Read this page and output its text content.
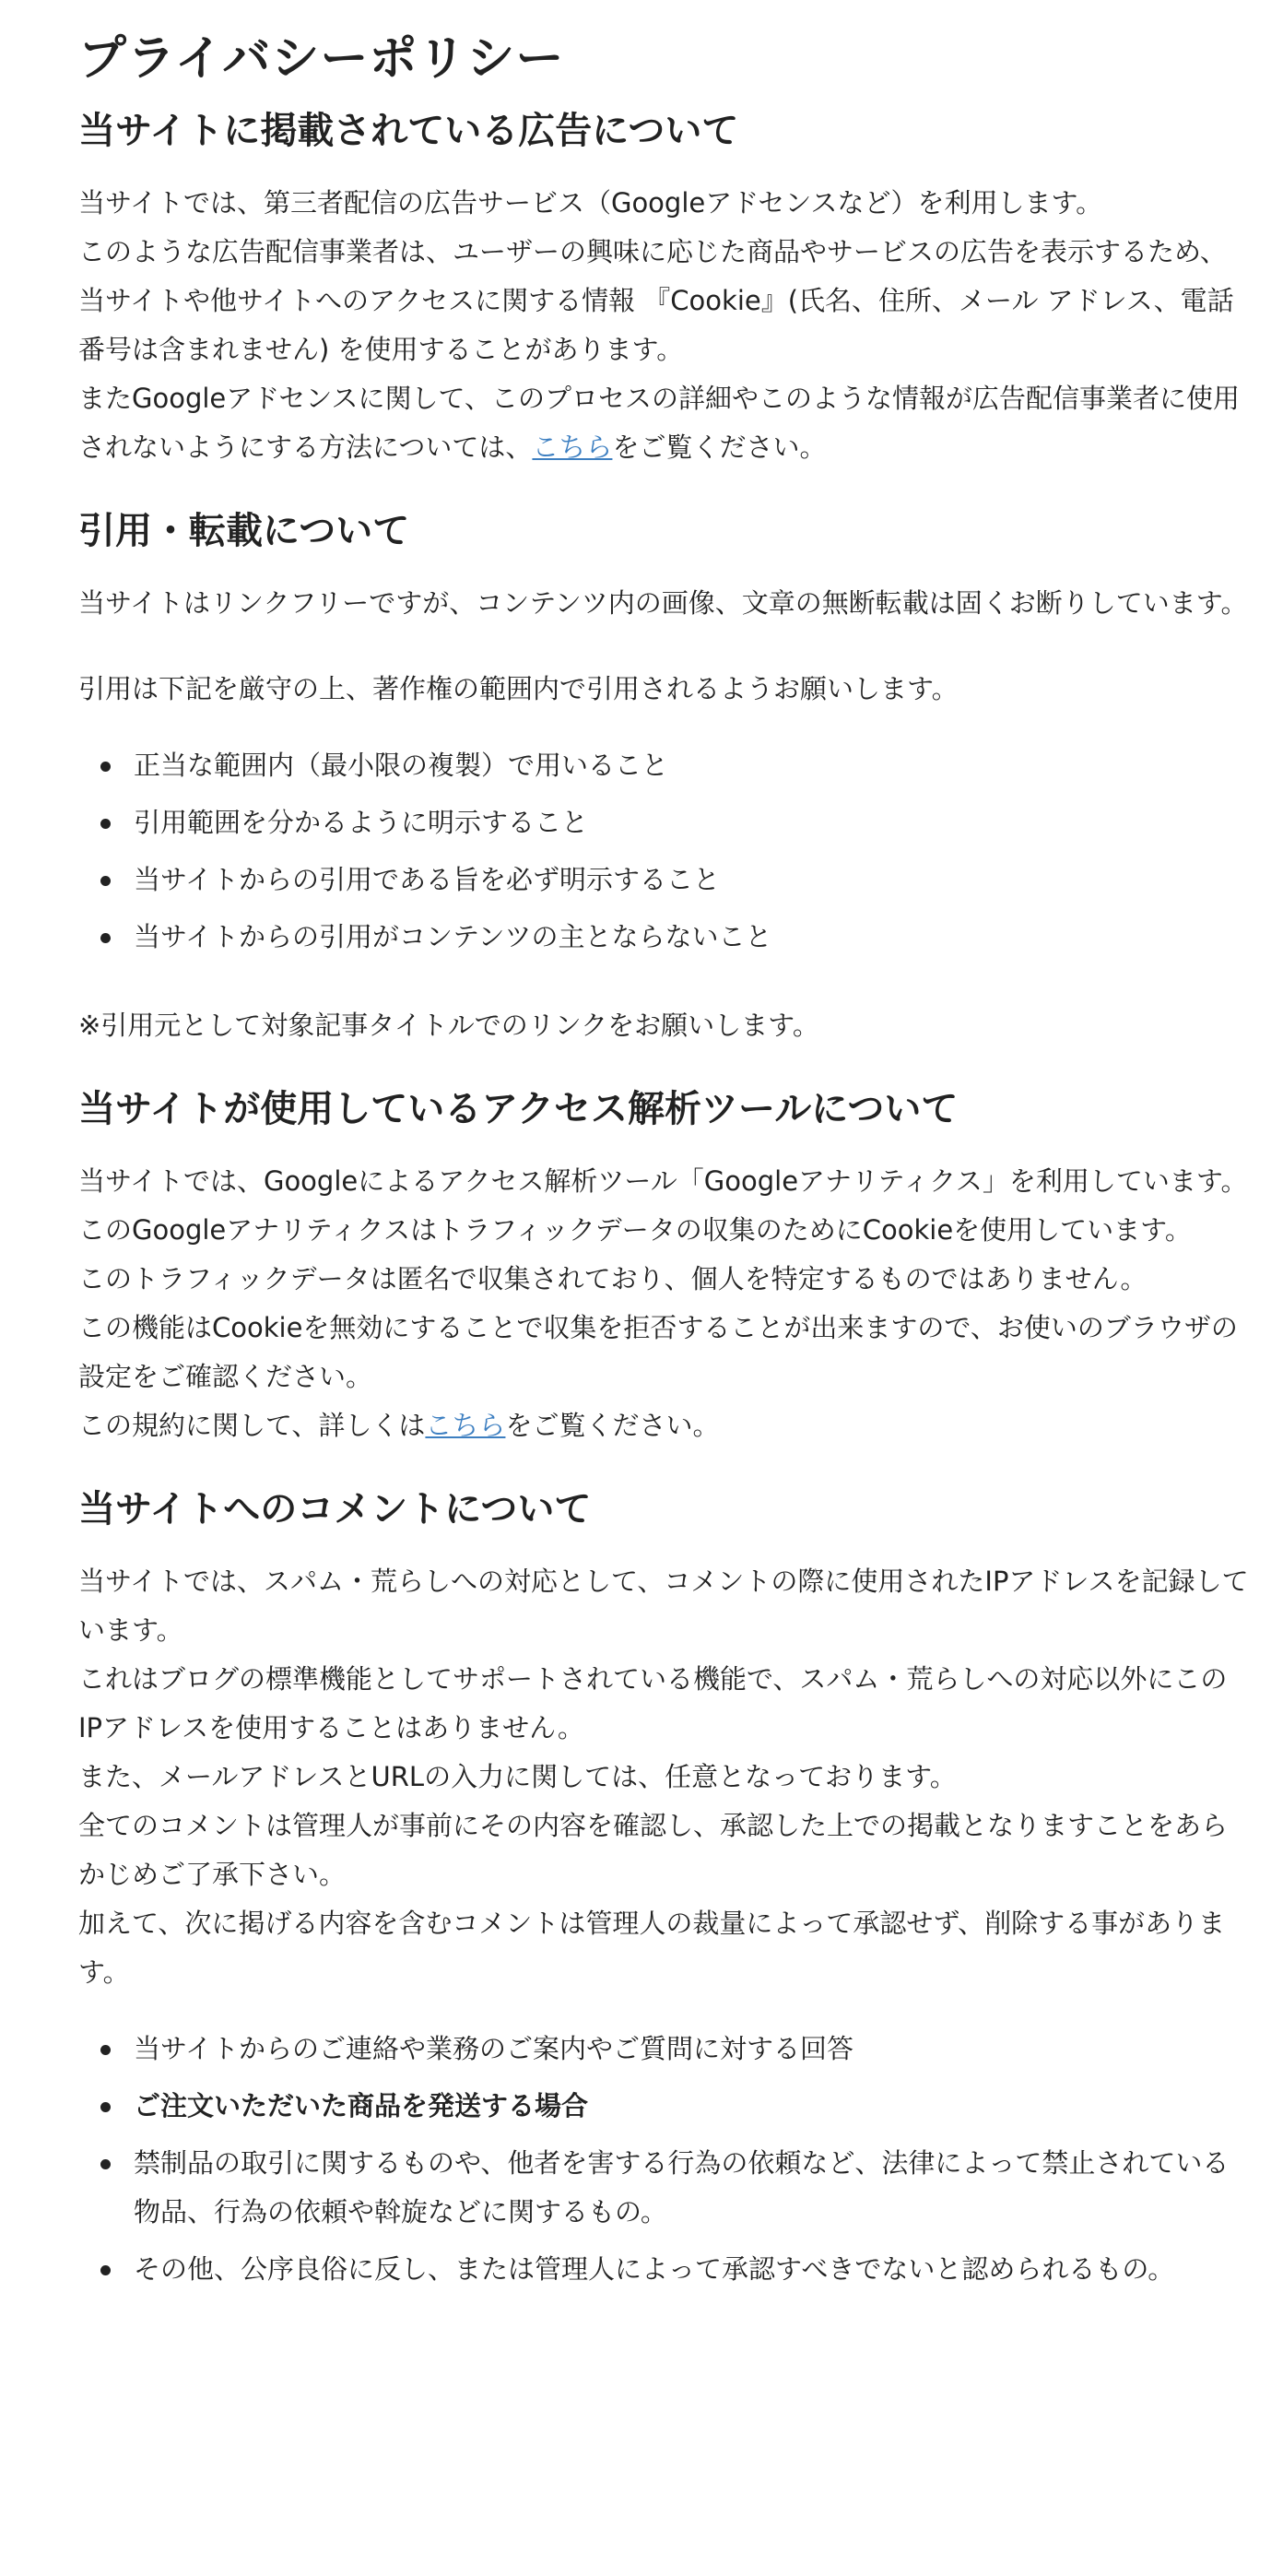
プライバシーポリシー
当サイトに掲載されている広告について

当サイトでは、第三者配信の広告サービス（Googleアドセンスなど）を利用します。

このような広告配信事業者は、ユーザーの興味に応じた商品やサービスの広告を表示するため、当サイトや他サイトへのアクセスに関する情報 『Cookie』(氏名、住所、メール アドレス、電話番号は含まれません) を使用することがあります。

またGoogleアドセンスに関して、このプロセスの詳細やこのような情報が広告配信事業者に使用されないようにする方法については、こちらをご覧ください。

引用・転載について

当サイトはリンクフリーですが、コンテンツ内の画像、文章の無断転載は固くお断りしています。

引用は下記を厳守の上、著作権の範囲内で引用されるようお願いします。

正当な範囲内（最小限の複製）で用いること
引用範囲を分かるように明示すること
当サイトからの引用である旨を必ず明示すること
当サイトからの引用がコンテンツの主とならないこと

※引用元として対象記事タイトルでのリンクをお願いします。

当サイトが使用しているアクセス解析ツールについて

当サイトでは、Googleによるアクセス解析ツール「Googleアナリティクス」を利用しています。

このGoogleアナリティクスはトラフィックデータの収集のためにCookieを使用しています。

このトラフィックデータは匿名で収集されており、個人を特定するものではありません。

この機能はCookieを無効にすることで収集を拒否することが出来ますので、お使いのブラウザの設定をご確認ください。

この規約に関して、詳しくはこちらをご覧ください。

当サイトへのコメントについて

当サイトでは、スパム・荒らしへの対応として、コメントの際に使用されたIPアドレスを記録しています。

これはブログの標準機能としてサポートされている機能で、スパム・荒らしへの対応以外にこのIPアドレスを使用することはありません。

また、メールアドレスとURLの入力に関しては、任意となっております。

全てのコメントは管理人が事前にその内容を確認し、承認した上での掲載となりますことをあらかじめご了承下さい。

加えて、次に掲げる内容を含むコメントは管理人の裁量によって承認せず、削除する事があります。

当サイトからのご連絡や業務のご案内やご質問に対する回答
ご注文いただいた商品を発送する場合
禁制品の取引に関するものや、他者を害する行為の依頼など、法律によって禁止されている物品、行為の依頼や斡旋などに関するもの。
その他、公序良俗に反し、または管理人によって承認すべきでないと認められるもの。
